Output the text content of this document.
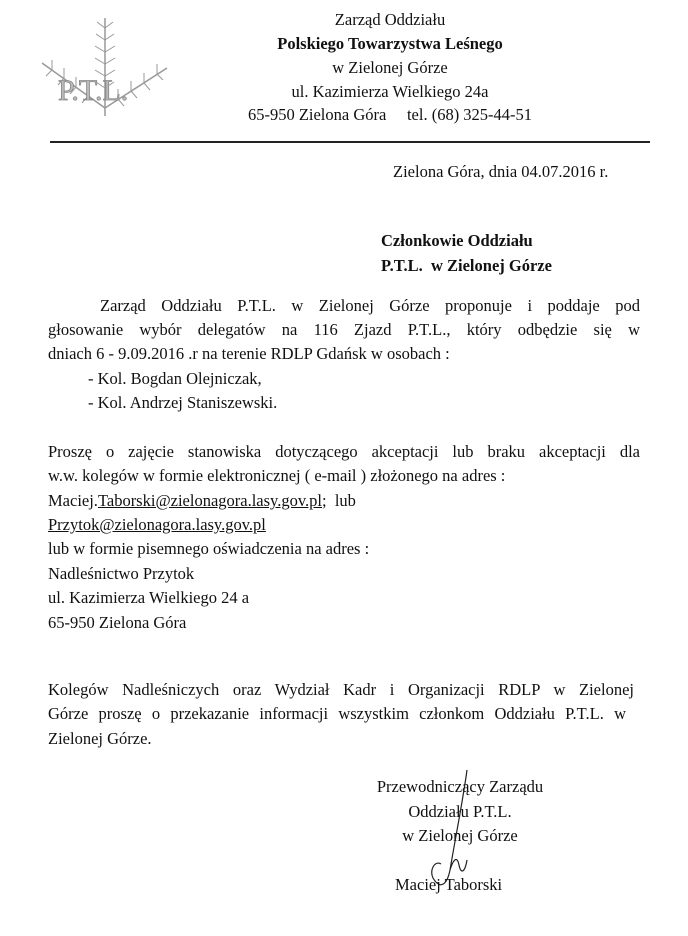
P.T.L.
Zarząd Oddziału
Polskiego Towarzystwa Leśnego
w Zielonej Górze
ul. Kazimierza Wielkiego 24a
65-950 Zielona Góra     tel. (68) 325-44-51
Zielona Góra, dnia 04.07.2016 r.
Członkowie Oddziału
P.T.L.  w Zielonej Górze
Zarząd Oddziału P.T.L. w Zielonej Górze proponuje i poddaje pod
głosowanie wybór delegatów na 116 Zjazd P.T.L., który odbędzie się w
dniach 6 - 9.09.2016 .r na terenie RDLP Gdańsk w osobach :
- Kol. Bogdan Olejniczak,
- Kol. Andrzej Staniszewski.
Proszę o zajęcie stanowiska dotyczącego akceptacji lub braku akceptacji dla
w.w. kolegów w formie elektronicznej ( e-mail ) złożonego na adres :
Maciej.Taborski@zielonagora.lasy.gov.pl;  lub
Przytok@zielonagora.lasy.gov.pl
lub w formie pisemnego oświadczenia na adres :
Nadleśnictwo Przytok
ul. Kazimierza Wielkiego 24 a
65-950 Zielona Góra
Kolegów Nadleśniczych oraz Wydział Kadr i Organizacji RDLP w Zielonej
Górze proszę o przekazanie informacji wszystkim członkom Oddziału P.T.L. w
Zielonej Górze.
Przewodniczący Zarządu
Oddziału P.T.L.
w Zielonej Górze
Maciej Taborski
